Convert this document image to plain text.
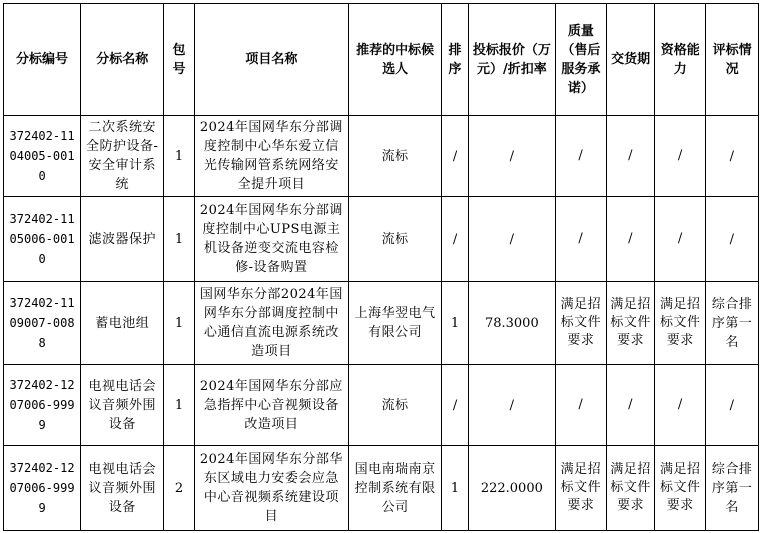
分标编号	分标名称	包号	项目名称	推荐的中标候选人	排序	投标报价（万元）/折扣率	质量（售后服务承诺）	交货期	资格能力	评标情况
372402-1104005-0010	二次系统安全防护设备-安全审计系统	1	2024年国网华东分部调度控制中心华东爱立信光传输网管系统网络安全提升项目	流标	/	/	/	/	/	/
372402-1105006-0010	滤波器保护	1	2024年国网华东分部调度控制中心UPS电源主机设备逆变交流电容检修-设备购置	流标	/	/	/	/	/	/
372402-1109007-0088	蓄电池组	1	国网华东分部2024年国网华东分部调度控制中心通信直流电源系统改造项目	上海华翌电气有限公司	1	78.3000	满足招标文件要求	满足招标文件要求	满足招标文件要求	综合排序第一名
372402-1207006-9999	电视电话会议音频外围设备	1	2024年国网华东分部应急指挥中心音视频设备改造项目	流标	/	/	/	/	/	/
372402-1207006-9999	电视电话会议音频外围设备	2	2024年国网华东分部华东区域电力安委会应急中心音视频系统建设项目	国电南瑞南京控制系统有限公司	1	222.0000	满足招标文件要求	满足招标文件要求	满足招标文件要求	综合排序第一名
